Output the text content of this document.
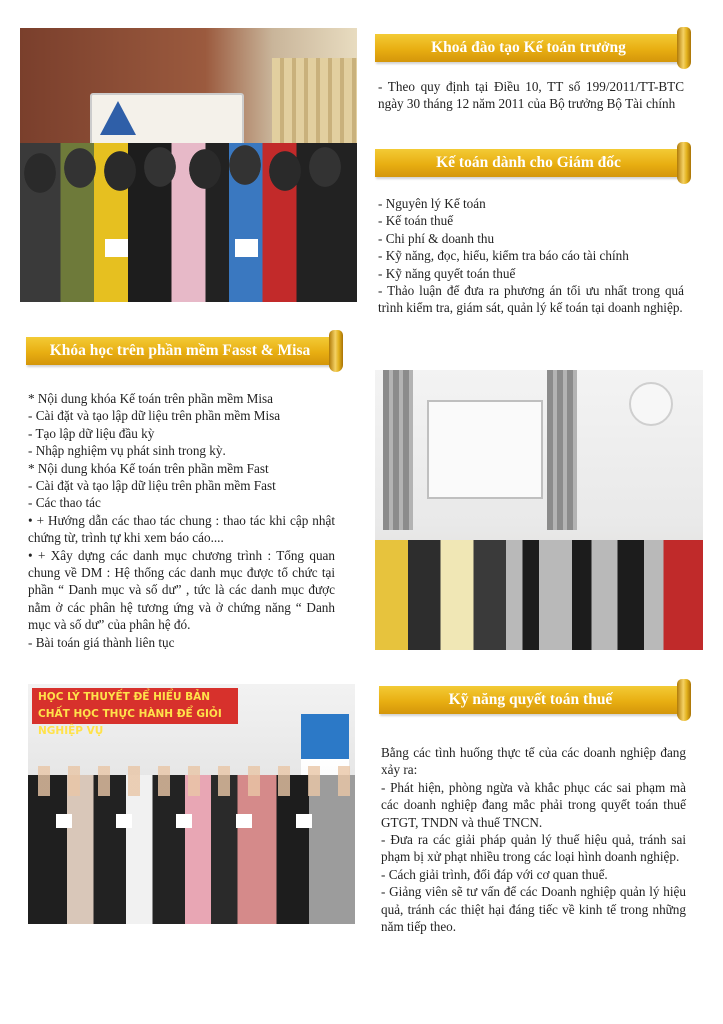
Khoá đào tạo Kế toán trưởng
- Theo quy định tại Điều 10, TT số 199/2011/TT-BTC ngày 30 tháng 12 năm 2011 của Bộ trưởng Bộ Tài chính
Kế toán dành cho Giám đốc
- Nguyên lý Kế toán
- Kế toán thuế
- Chi phí & doanh thu
- Kỹ năng, đọc, hiểu, kiểm tra báo cáo tài chính
- Kỹ năng quyết toán thuế
- Thảo luận để đưa ra phương án tối ưu nhất trong quá trình kiểm tra, giám sát, quản lý kế toán tại doanh nghiệp.
Khóa học trên phần mềm Fasst & Misa
* Nội dung khóa Kế toán trên phần mềm Misa
- Cài đặt và tạo lập dữ liệu trên phần mềm Misa
- Tạo lập dữ liệu đầu kỳ
- Nhập nghiệm vụ phát sinh trong kỳ.
* Nội dung khóa Kế toán trên phần mềm Fast
- Cài đặt và tạo lập dữ liệu trên phần mềm Fast
- Các thao tác
• + Hướng dẫn các thao tác chung : thao tác khi cập nhật chứng từ, trình tự khi xem báo cáo....
• + Xây dựng các danh mục chương trình : Tổng quan chung về DM : Hệ thống các danh mục được tổ chức tại phần “ Danh mục và số dư” , tức là các danh mục được nằm ở các phân hệ tương ứng và ở chứng năng “ Danh mục và số dư” của phân hệ đó.
- Bài toán giá thành liên tục
HỌC LÝ THUYẾT ĐỂ HIỂU BẢN CHẤT HỌC THỰC HÀNH ĐỂ GIỎI NGHIỆP VỤ
Kỹ năng quyết toán thuế
Bằng các tình huống thực tế của các doanh nghiệp đang xảy ra:
- Phát hiện, phòng ngừa và khắc phục các sai phạm mà các doanh nghiệp đang mắc phải trong quyết toán thuế GTGT, TNDN và thuế TNCN.
- Đưa ra các giải pháp quản lý thuế hiệu quả, tránh sai phạm bị xử phạt nhiều trong các loại hình doanh nghiệp.
- Cách giải trình, đối đáp với cơ quan thuế.
- Giảng viên sẽ tư vấn để các Doanh nghiệp quản lý hiệu quả, tránh các thiệt hại đáng tiếc về kinh tế trong những năm tiếp theo.
